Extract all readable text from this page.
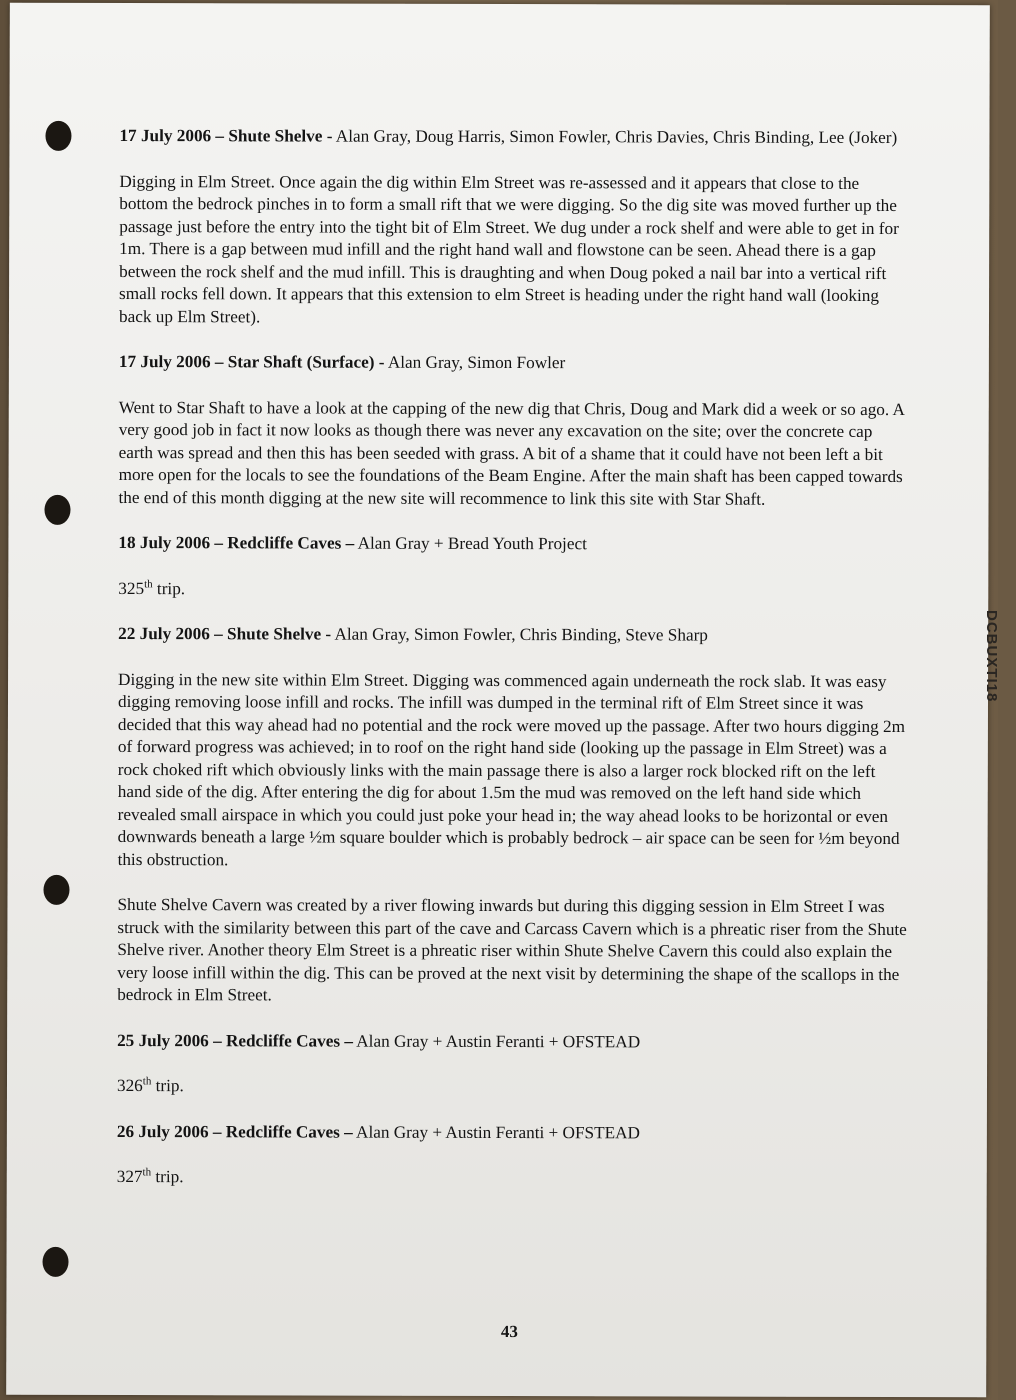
17 July 2006 – Shute Shelve - Alan Gray, Doug Harris, Simon Fowler, Chris Davies, Chris Binding, Lee (Joker)

Digging in Elm Street. Once again the dig within Elm Street was re-assessed and it appears that close to the bottom the bedrock pinches in to form a small rift that we were digging. So the dig site was moved further up the passage just before the entry into the tight bit of Elm Street. We dug under a rock shelf and were able to get in for 1m. There is a gap between mud infill and the right hand wall and flowstone can be seen. Ahead there is a gap between the rock shelf and the mud infill. This is draughting and when Doug poked a nail bar into a vertical rift small rocks fell down. It appears that this extension to elm Street is heading under the right hand wall (looking back up Elm Street).

17 July 2006 – Star Shaft (Surface) - Alan Gray, Simon Fowler

Went to Star Shaft to have a look at the capping of the new dig that Chris, Doug and Mark did a week or so ago. A very good job in fact it now looks as though there was never any excavation on the site; over the concrete cap earth was spread and then this has been seeded with grass. A bit of a shame that it could have not been left a bit more open for the locals to see the foundations of the Beam Engine. After the main shaft has been capped towards the end of this month digging at the new site will recommence to link this site with Star Shaft.

18 July 2006 – Redcliffe Caves – Alan Gray + Bread Youth Project
325th trip.
22 July 2006 – Shute Shelve - Alan Gray, Simon Fowler, Chris Binding, Steve Sharp

Digging in the new site within Elm Street. Digging was commenced again underneath the rock slab. It was easy digging removing loose infill and rocks. The infill was dumped in the terminal rift of Elm Street since it was decided that this way ahead had no potential and the rock were moved up the passage. After two hours digging 2m of forward progress was achieved; in to roof on the right hand side (looking up the passage in Elm Street) was a rock choked rift which obviously links with the main passage there is also a larger rock blocked rift on the left hand side of the dig. After entering the dig for about 1.5m the mud was removed on the left hand side which revealed small airspace in which you could just poke your head in; the way ahead looks to be horizontal or even downwards beneath a large ½m square boulder which is probably bedrock – air space can be seen for ½m beyond this obstruction.

Shute Shelve Cavern was created by a river flowing inwards but during this digging session in Elm Street I was struck with the similarity between this part of the cave and Carcass Cavern which is a phreatic riser from the Shute Shelve river. Another theory Elm Street is a phreatic riser within Shute Shelve Cavern this could also explain the very loose infill within the dig. This can be proved at the next visit by determining the shape of the scallops in the bedrock in Elm Street.

25 July 2006 – Redcliffe Caves – Alan Gray + Austin Feranti + OFSTEAD
326th trip.
26 July 2006 – Redcliffe Caves – Alan Gray + Austin Feranti + OFSTEAD
327th trip.
43
DCBUXTI18
